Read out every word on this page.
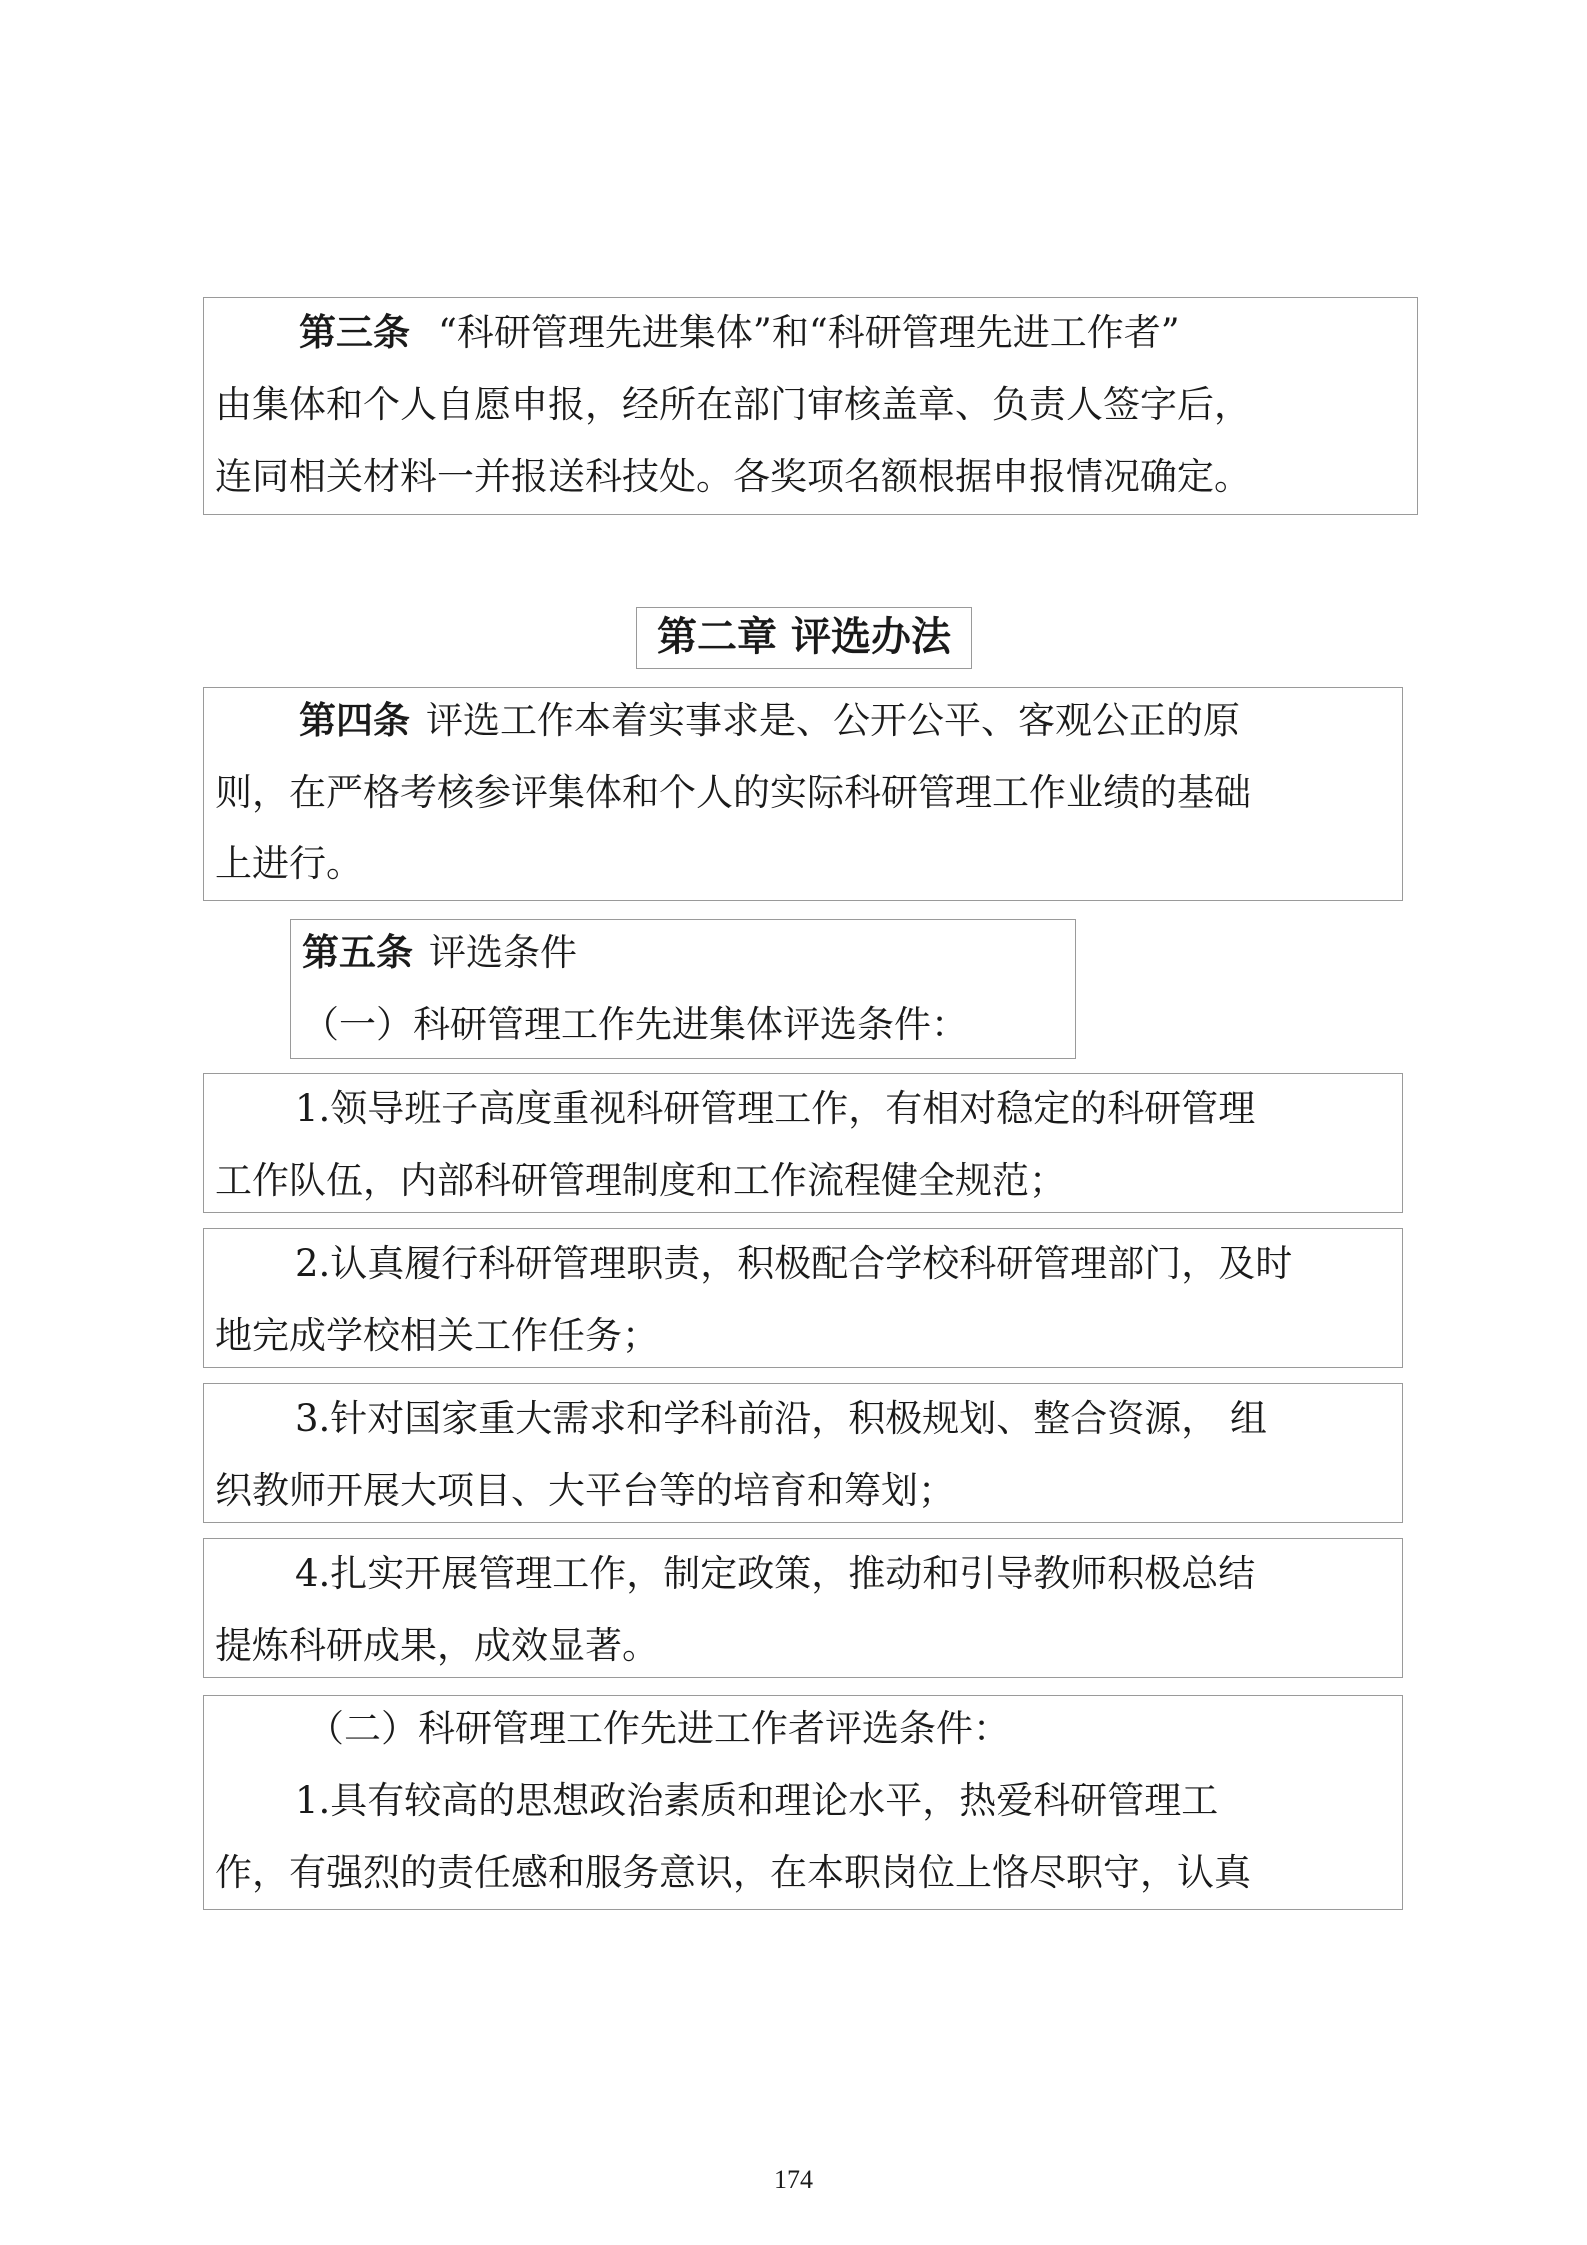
第三条 “科研管理先进集体”和“科研管理先进工作者”
由集体和个人自愿申报，经所在部门审核盖章、负责人签字后，
连同相关材料一并报送科技处。各奖项名额根据申报情况确定。
第二章 评选办法
第四条 评选工作本着实事求是、公开公平、客观公正的原
则，在严格考核参评集体和个人的实际科研管理工作业绩的基础
上进行。
第五条 评选条件
（一）科研管理工作先进集体评选条件：
1.领导班子高度重视科研管理工作，有相对稳定的科研管理
工作队伍，内部科研管理制度和工作流程健全规范；
2.认真履行科研管理职责，积极配合学校科研管理部门，及时
地完成学校相关工作任务；
3.针对国家重大需求和学科前沿，积极规划、整合资源， 组
织教师开展大项目、大平台等的培育和筹划；
4.扎实开展管理工作，制定政策，推动和引导教师积极总结
提炼科研成果，成效显著。
（二）科研管理工作先进工作者评选条件：
1.具有较高的思想政治素质和理论水平，热爱科研管理工
作，有强烈的责任感和服务意识，在本职岗位上恪尽职守，认真
174
